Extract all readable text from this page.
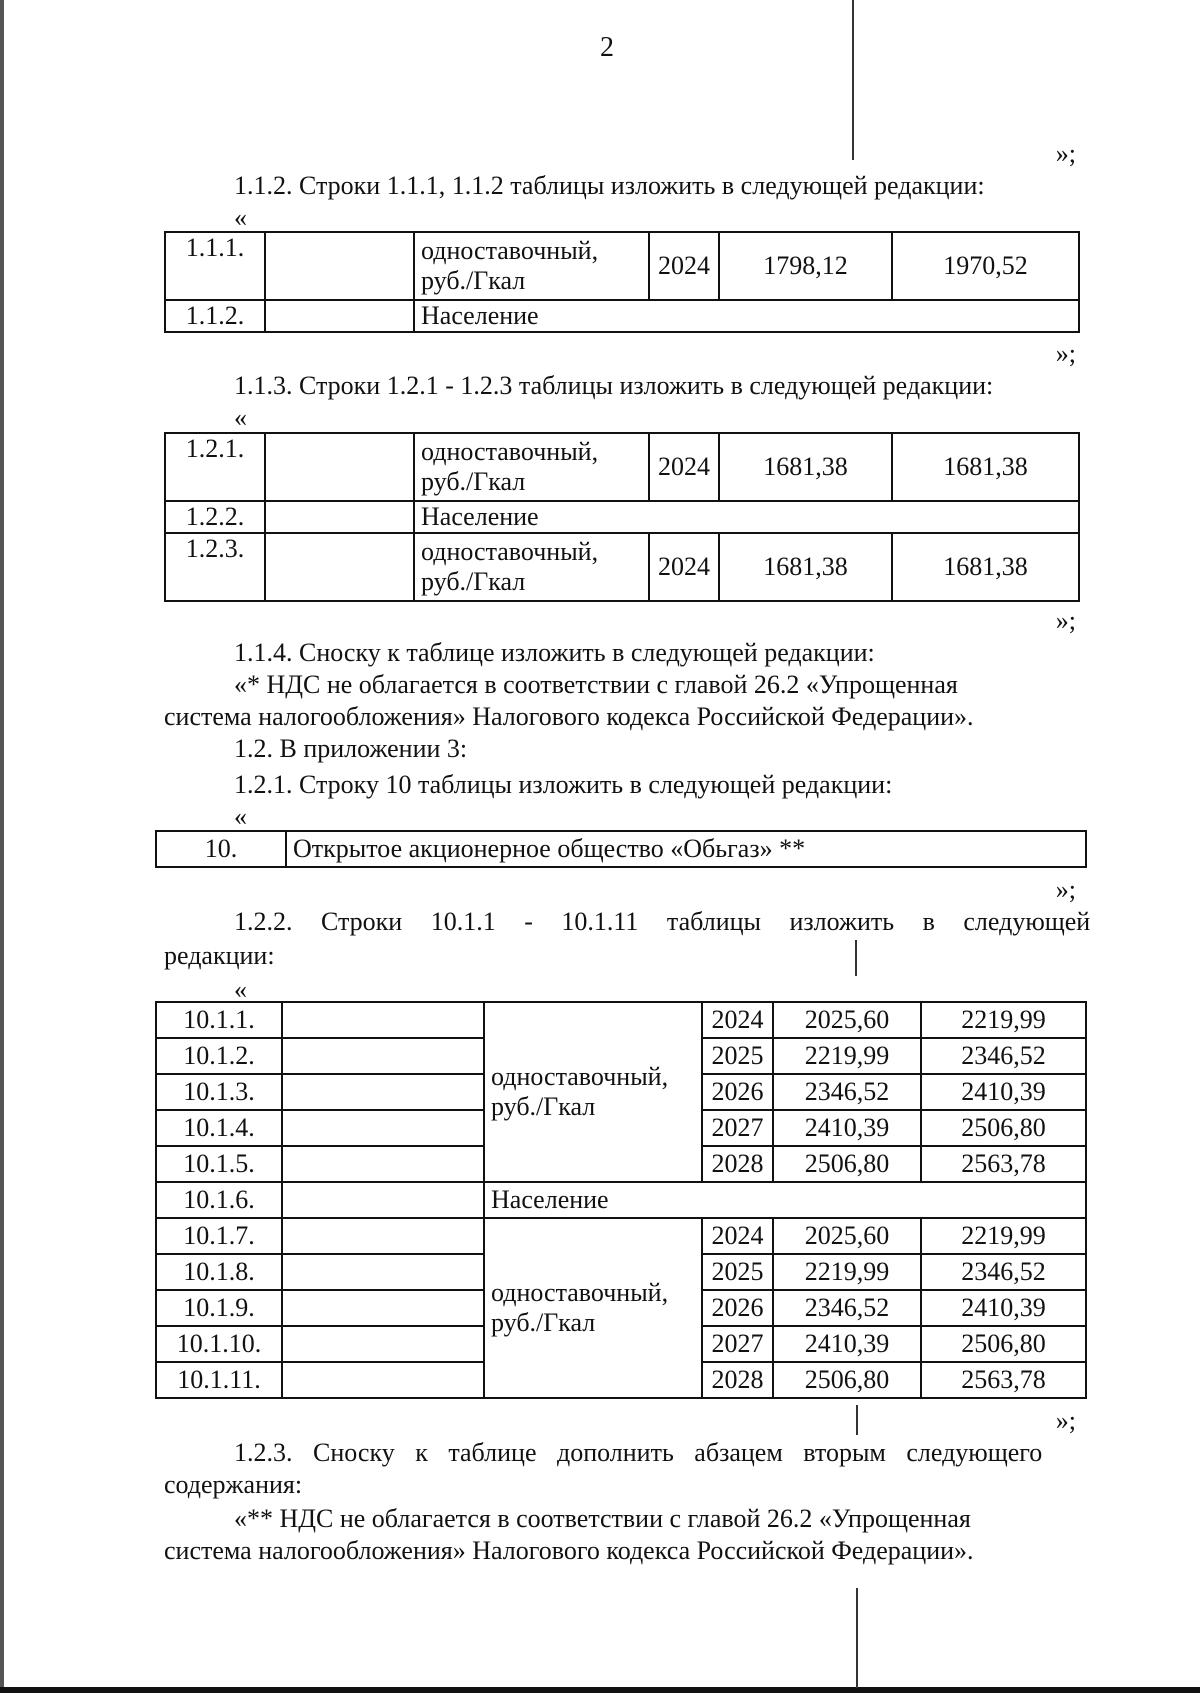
2
»;
1.1.2. Строки 1.1.1, 1.1.2 таблицы изложить в следующей редакции:
«
1.1.1.		одноставочный, руб./Гкал	2024	1798,12	1970,52
1.1.2.		Население			
»;
1.1.3. Строки 1.2.1 - 1.2.3 таблицы изложить в следующей редакции:
«
1.2.1.		одноставочный, руб./Гкал	2024	1681,38	1681,38
1.2.2.		Население			
1.2.3.		одноставочный, руб./Гкал	2024	1681,38	1681,38
»;
1.1.4. Сноску к таблице изложить в следующей редакции:
«* НДС не облагается в соответствии с главой 26.2 «Упрощенная
система налогообложения» Налогового кодекса Российской Федерации».
1.2. В приложении 3:
1.2.1. Строку 10 таблицы изложить в следующей редакции:
«
10.	Открытое акционерное общество «Обьгаз» **
»;
1.2.2. Строки 10.1.1 - 10.1.11 таблицы изложить в следующей
редакции:
«
10.1.1.		одноставочный, руб./Гкал	2024	2025,60	2219,99
10.1.2.			2025	2219,99	2346,52
10.1.3.			2026	2346,52	2410,39
10.1.4.			2027	2410,39	2506,80
10.1.5.			2028	2506,80	2563,78
10.1.6.		Население			
10.1.7.		одноставочный, руб./Гкал	2024	2025,60	2219,99
10.1.8.			2025	2219,99	2346,52
10.1.9.			2026	2346,52	2410,39
10.1.10.			2027	2410,39	2506,80
10.1.11.			2028	2506,80	2563,78
»;
1.2.3. Сноску к таблице дополнить абзацем вторым следующего
содержания:
«** НДС не облагается в соответствии с главой 26.2 «Упрощенная
система налогообложения» Налогового кодекса Российской Федерации».
